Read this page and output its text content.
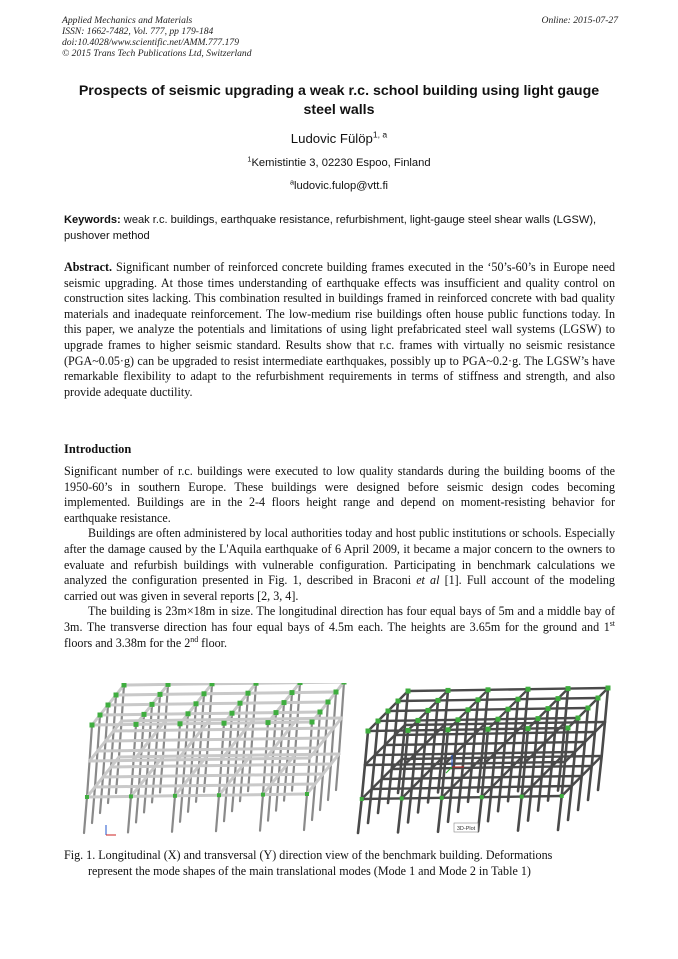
Applied Mechanics and Materials
ISSN: 1662-7482, Vol. 777, pp 179-184
doi:10.4028/www.scientific.net/AMM.777.179
© 2015 Trans Tech Publications Ltd, Switzerland
Online: 2015-07-27
Prospects of seismic upgrading a weak r.c. school building using light gauge steel walls
Ludovic Fülöp$^{1, a}$
$^1$Kemistintie 3, 02230 Espoo, Finland
$^a$ludovic.fulop@vtt.fi
Keywords: weak r.c. buildings, earthquake resistance, refurbishment, light-gauge steel shear walls (LGSW), pushover method
Abstract. Significant number of reinforced concrete building frames executed in the ‘50’s-60’s in Europe need seismic upgrading. At those times understanding of earthquake effects was insufficient and quality control on construction sites lacking. This combination resulted in buildings framed in reinforced concrete with bad quality materials and inadequate reinforcement. The low-medium rise buildings often house public functions today. In this paper, we analyze the potentials and limitations of using light prefabricated steel wall systems (LGSW) to upgrade frames to higher seismic standard. Results show that r.c. frames with virtually no seismic resistance (PGA~0.05·g) can be upgraded to resist intermediate earthquakes, possibly up to PGA~0.2·g. The LGSW’s have remarkable flexibility to adapt to the refurbishment requirements in terms of stiffness and strength, and also provide adequate ductility.
Introduction

Significant number of r.c. buildings were executed to low quality standards during the building booms of the 1950-60’s in southern Europe. These buildings were designed before seismic design codes becoming implemented. Buildings are in the 2-4 floors height range and depend on moment-resisting behavior for earthquake resistance.

Buildings are often administered by local authorities today and host public institutions or schools. Especially after the damage caused by the L'Aquila earthquake of 6 April 2009, it became a major concern to the owners to evaluate and refurbish buildings with vulnerable configuration. Participating in benchmark calculations we analyzed the configuration presented in Fig. 1, described in Braconi et al [1]. Full account of the modeling carried out was given in several reports [2, 3, 4].

The building is 23m×18m in size. The longitudinal direction has four equal bays of 5m and a middle bay of 3m. The transverse direction has four equal bays of 4.5m each. The heights are 3.65m for the ground and 1st floors and 3.38m for the 2nd floor.

3D-Plot
Fig. 1. Longitudinal (X) and transversal (Y) direction view of the benchmark building. Deformations
represent the mode shapes of the main translational modes (Mode 1 and Mode 2 in Table 1)
